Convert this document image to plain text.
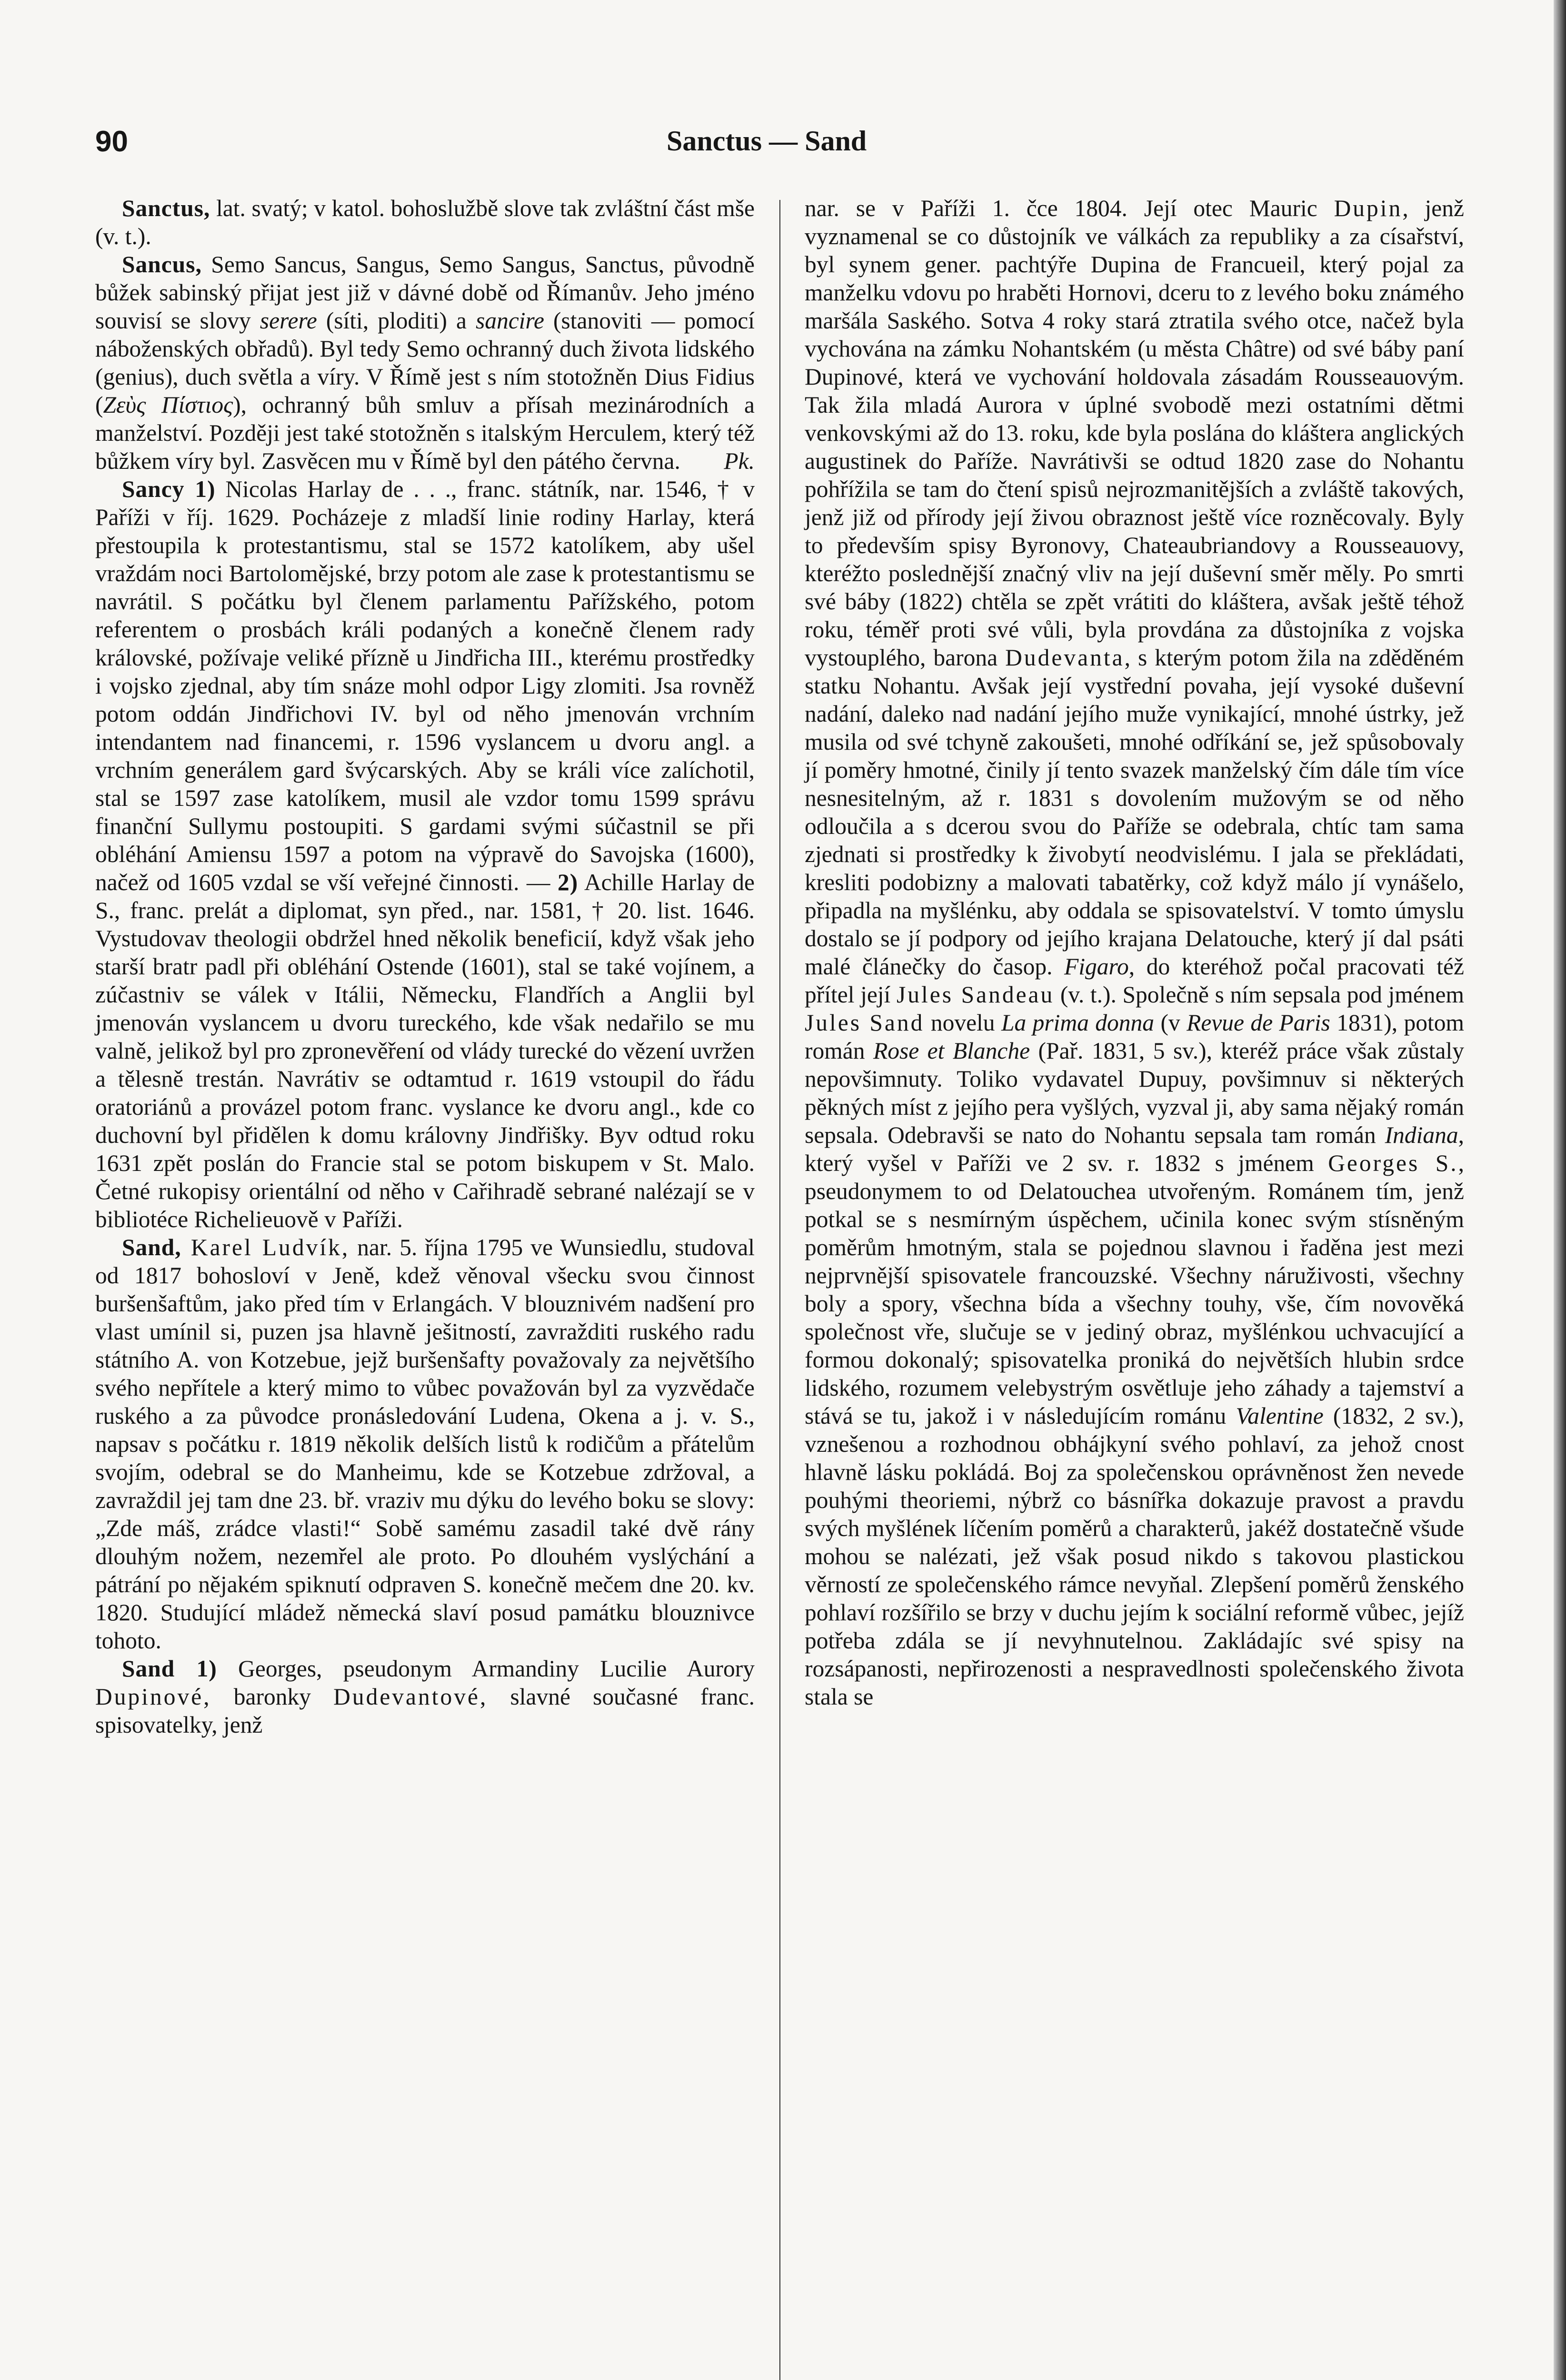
90	Sanctus — Sand

Sanctus, lat. svatý; v katol. bohoslužbě slove tak zvláštní část mše (v. t.).

Sancus, Semo Sancus, Sangus, Semo Sangus, Sanctus, původně bůžek sabinský přijat jest již v dávné době od Římanův. Jeho jméno souvisí se slovy serere (síti, ploditi) a sancire (stanoviti — pomocí náboženských obřadů). Byl tedy Semo ochranný duch života lidského (genius), duch světla a víry. V Římě jest s ním stotožněn Dius Fidius (Ζεὺς Πίστιος), ochranný bůh smluv a přísah mezinárodních a manželství. Později jest také stotožněn s italským Herculem, který též bůžkem víry byl. Zasvěcen mu v Římě byl den pátého června.	Pk.

Sancy 1) Nicolas Harlay de . . ., franc. státník, nar. 1546, † v Paříži v říj. 1629. Pocházeje z mladší linie rodiny Harlay, která přestoupila k protestantismu, stal se 1572 katolíkem, aby ušel vraždám noci Bartolomějské, brzy potom ale zase k protestantismu se navrátil. S počátku byl členem parlamentu Pařížského, potom referentem o prosbách králi podaných a konečně členem rady královské, požívaje veliké přízně u Jindřicha III., kterému prostředky i vojsko zjednal, aby tím snáze mohl odpor Ligy zlomiti. Jsa rovněž potom oddán Jindřichovi IV. byl od něho jmenován vrchním intendantem nad financemi, r. 1596 vyslancem u dvoru angl. a vrchním generálem gard švýcarských. Aby se králi více zalíchotil, stal se 1597 zase katolíkem, musil ale vzdor tomu 1599 správu finanční Sullymu postoupiti. S gardami svými súčastnil se při obléhání Amiensu 1597 a potom na výpravě do Savojska (1600), načež od 1605 vzdal se vší veřejné činnosti. — 2) Achille Harlay de S., franc. prelát a diplomat, syn před., nar. 1581, † 20. list. 1646. Vystudovav theologii obdržel hned několik beneficií, když však jeho starší bratr padl při obléhání Ostende (1601), stal se také vojínem, a zúčastniv se válek v Itálii, Německu, Flandřích a Anglii byl jmenován vyslancem u dvoru tureckého, kde však nedařilo se mu valně, jelikož byl pro zpronevěření od vlády turecké do vězení uvržen a tělesně trestán. Navrátiv se odtamtud r. 1619 vstoupil do řádu oratoriánů a provázel potom franc. vyslance ke dvoru angl., kde co duchovní byl přidělen k domu královny Jindřišky. Byv odtud roku 1631 zpět poslán do Francie stal se potom biskupem v St. Malo. Četné rukopisy orientální od něho v Cařihradě sebrané nalézají se v bibliotéce Richelieuově v Paříži.

Sand, Karel Ludvík, nar. 5. října 1795 ve Wunsiedlu, studoval od 1817 bohosloví v Jeně, kdež věnoval všecku svou činnost buršenšaftům, jako před tím v Erlangách. V blouznivém nadšení pro vlast umínil si, puzen jsa hlavně ješitností, zavražditi ruského radu státního A. von Kotzebue, jejž buršenšafty považovaly za největšího svého nepřítele a který mimo to vůbec považován byl za vyzvědače ruského a za původce pronásledování Ludena, Okena a j. v. S., napsav s počátku r. 1819 několik delších listů k rodičům a přátelům svojím, odebral se do Manheimu, kde se Kotzebue zdržoval, a zavraždil jej tam dne 23. bř. vraziv mu dýku do levého boku se slovy: „Zde máš, zrádce vlasti!“ Sobě samému zasadil také dvě rány dlouhým nožem, nezemřel ale proto. Po dlouhém vyslýchání a pátrání po nějakém spiknutí odpraven S. konečně mečem dne 20. kv. 1820. Studující mládež německá slaví posud památku blouznivce tohoto.

Sand 1) Georges, pseudonym Armandiny Lucilie Aurory Dupinové, baronky Dudevantové, slavné současné franc. spisovatelky, jenž

nar. se v Paříži 1. čce 1804. Její otec Mauric Dupin, jenž vyznamenal se co důstojník ve válkách za republiky a za císařství, byl synem gener. pachtýře Dupina de Francueil, který pojal za manželku vdovu po hraběti Hornovi, dceru to z levého boku známého maršála Saského. Sotva 4 roky stará ztratila svého otce, načež byla vychována na zámku Nohantském (u města Châtre) od své báby paní Dupinové, která ve vychování holdovala zásadám Rousseauovým. Tak žila mladá Aurora v úplné svobodě mezi ostatními dětmi venkovskými až do 13. roku, kde byla poslána do kláštera anglických augustinek do Paříže. Navrátivši se odtud 1820 zase do Nohantu pohřížila se tam do čtení spisů nejrozmanitějších a zvláště takových, jenž již od přírody její živou obraznost ještě více rozněcovaly. Byly to především spisy Byronovy, Chateaubriandovy a Rousseauovy, kteréžto poslednější značný vliv na její duševní směr měly. Po smrti své báby (1822) chtěla se zpět vrátiti do kláštera, avšak ještě téhož roku, téměř proti své vůli, byla provdána za důstojníka z vojska vystouplého, barona Dudevanta, s kterým potom žila na zděděném statku Nohantu. Avšak její vystřední povaha, její vysoké duševní nadání, daleko nad nadání jejího muže vynikající, mnohé ústrky, jež musila od své tchyně zakoušeti, mnohé odříkání se, jež spůsobovaly jí poměry hmotné, činily jí tento svazek manželský čím dále tím více nesnesitelným, až r. 1831 s dovolením mužovým se od něho odloučila a s dcerou svou do Paříže se odebrala, chtíc tam sama zjednati si prostředky k živobytí neodvislému. I jala se překládati, kresliti podobizny a malovati tabatěrky, což když málo jí vynášelo, připadla na myšlénku, aby oddala se spisovatelství. V tomto úmyslu dostalo se jí podpory od jejího krajana Delatouche, který jí dal psáti malé článečky do časop. Figaro, do kteréhož počal pracovati též přítel její Jules Sandeau (v. t.). Společně s ním sepsala pod jménem Jules Sand novelu La prima donna (v Revue de Paris 1831), potom román Rose et Blanche (Pař. 1831, 5 sv.), kteréž práce však zůstaly nepovšimnuty. Toliko vydavatel Dupuy, povšimnuv si některých pěkných míst z jejího pera vyšlých, vyzval ji, aby sama nějaký román sepsala. Odebravši se nato do Nohantu sepsala tam román Indiana, který vyšel v Paříži ve 2 sv. r. 1832 s jménem Georges S., pseudonymem to od Delatouchea utvořeným. Románem tím, jenž potkal se s nesmírným úspěchem, učinila konec svým stísněným poměrům hmotným, stala se pojednou slavnou i řaděna jest mezi nejprvnější spisovatele francouzské. Všechny náruživosti, všechny boly a spory, všechna bída a všechny touhy, vše, čím novověká společnost vře, slučuje se v jediný obraz, myšlénkou uchvacující a formou dokonalý; spisovatelka proniká do největších hlubin srdce lidského, rozumem velebystrým osvětluje jeho záhady a tajemství a stává se tu, jakož i v následujícím románu Valentine (1832, 2 sv.), vznešenou a rozhodnou obhájkyní svého pohlaví, za jehož cnost hlavně lásku pokládá. Boj za společenskou oprávněnost žen nevede pouhými theoriemi, nýbrž co básnířka dokazuje pravost a pravdu svých myšlének líčením poměrů a charakterů, jakéž dostatečně všude mohou se nalézati, jež však posud nikdo s takovou plastickou věrností ze společenského rámce nevyňal. Zlepšení poměrů ženského pohlaví rozšířilo se brzy v duchu jejím k sociální reformě vůbec, jejíž potřeba zdála se jí nevyhnutelnou. Zakládajíc své spisy na rozsápanosti, nepřirozenosti a nespravedlnosti společenského života stala se
